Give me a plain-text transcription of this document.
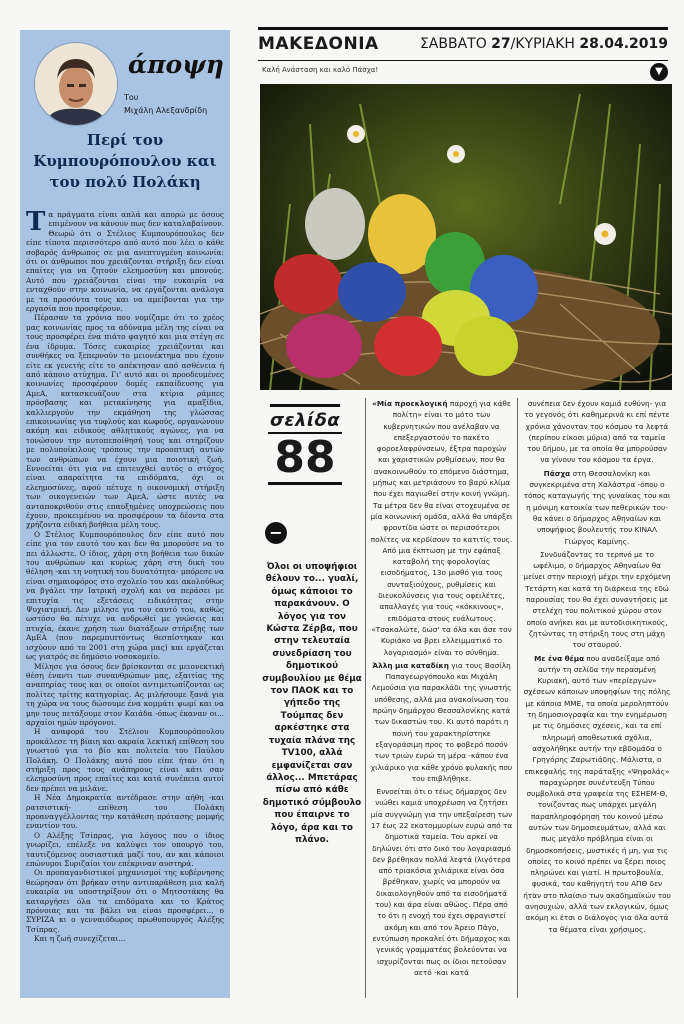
άποψη
Του
Μιχάλη Αλεξανδρίδη
Περί του Κυμπουρόπουλου και του πολύ Πολάκη

Τα πράγματα είναι απλά και απορώ με όσους επιμένουν να κάνουν πως δεν καταλαβαίνουν. Θεωρώ ότι ο Στέλιος Κυμπουρόπουλος δεν είπε τίποτα περισσότερο από αυτό που λέει ο κάθε σοβαρός άνθρωπος σε μια ανεπτυγμένη κοινωνία: ότι οι άνθρωποι που χρειάζονται στήριξη δεν είναι επαίτες για να ζητούν ελεημοσύνη και μπονούς. Αυτό που χρειάζονται είναι την ευκαιρία να ενταχθούν στην κοινωνία, να εργάζονται ανάλογα με τα προσόντα τους και να αμείβονται για την εργασία που προσφέρουν.

Πέρασαν τα χρόνια που νομίζαμε ότι το χρέος μας κοινωνίας προς τα αδύναμα μέλη της είναι να τους προσφέρει ένα πιάτο φαγητό και μια στέγη σε ένα ίδρυμα. Τόσες ευκαιρίες χρειάζονται και συνθήκες να ξεπερνούν το μειονέκτημα που έχουν είτε εκ γενετής είτε το απέκτησαν από ασθένεια ή από κάποιο ατύχημα. Γι' αυτό και οι προοδευμένες κοινωνίες προσφέρουν δομές εκπαίδευσης για ΑμεΑ, κατασκευάζουν στα κτίρια ράμπες πρόσβασης και μετακίνησης για αμαξίδια, καλλιεργούν την εκμάθηση της γλώσσας επικοινωνίας για τυφλούς και κωφούς, οργανώνουν ακόμη και ειδικούς αθλητικούς αγώνες, για να τονώσουν την αυτοπεποίθησή τους και στηρίζουν με πολυποίκιλους τρόπους την προοπτική αυτών των ανθρώπων να έχουν μια ποιοτική ζωή. Εννοείται ότι για να επιτευχθεί αυτός ο στόχος είναι απαραίτητα τα επιδόματα, όχι οι ελεημοσύνες, αφού πέτυχε η οικονομική στήριξη των οικογενειών των ΑμεΑ, ώστε αυτές να ανταποκριθούν στις επαυξημένες υποχρεώσεις που έχουν, προκειμένου να προσφέρουν τα δέοντα στα χρήζοντα ειδική βοήθεια μέλη τους.

Ο Στέλιος Κυμπουρόπουλος δεν είπε αυτό που είπε για τον εαυτό του και δεν θα μπορούσε να το πει άλλωστε. Ο ίδιος, χάρη στη βοήθεια των δικών του ανθρώπων και κυρίως χάρη στη δική του θέληση -και τη νοητική του δυνατότητα- μπόρεσε να είναι σημαιοφόρος στο σχολείο του και ακολούθως να βγάλει την Ιατρική σχολή και να περάσει με επιτυχία τις εξετάσεις ειδικότητας στην Ψυχιατρική. Δεν μίλησε για τον εαυτό του, καθώς ωστόσο θα πέτυχε να ανδρωθεί με γνώσεις και πτυχία, έκανε χρήση των διατάξεων στήριξης των ΑμΕΑ (που παρεμπιπτόντως θεσπίστηκαν και ισχύουν από το 2001 στη χώρα μας) και εργάζεται ως γιατρός σε δημόσιο νοσοκομείο.

Μίλησε για όσους δεν βρίσκονται σε μειονεκτική θέση έναντι των συνανθρώπων μας, εξαιτίας της αναπηρίας τους και οι οποίοι αντιμετωπίζονται ως πολίτες τρίτης κατηγορίας. Ας μιλήσουμε ξανά για τη χώρα να τους δώσουμε ένα κομμάτι ψωμί και να μην τους πετάξουμε στον Καιάδα -όπως έκαναν οι... αρχαίοι ημών πρόγονοι.

Η αναφορά του Στέλιου Κυμπουρόπουλου προκάλεσε τη βίαιη και ακραία λεκτική επίθεση του γνωστού για το βίο και πολιτεία του Παύλου Πολάκη. Ο Πολάκης αυτό που είπε ήταν ότι η στήριξη προς τους ανάπηρους είναι κάτι σαν ελεημοσύνη προς επαίτες και κατά συνέπεια αυτοί δεν πρέπει να μιλάνε.

Η Νέα Δημοκρατία αντέδρασε στην αήθη -και ρατσιστική- επίθεση του Πολάκη προαναγγέλλοντας την κατάθεση πρότασης μομφής εναντίον του.

Ο Αλέξης Τσίπρας, για λόγους που ο ίδιος γνωρίζει, επέλεξε να καλύψει τον υπουργό του, ταυτιζόμενος ουσιαστικά μαζί του, αν και κάποιοι επώνυμοι Συριζαίοι τον επέκριναν αυστηρά.

Οι προπαγανδιστικοί μηχανισμοί της κυβέρνησης θεώρησαν ότι βρήκαν στην αντιπαράθεση μια καλή ευκαιρία να υποστηρίξουν ότι ο Μητσοτάκης θα καταργήσει όλα τα επιδόματα και το Κράτος πρόνοιας και τα βάλει να είναι προσφέρει... ο ΣΥΡΙΖΑ κι ο γενναιόδωρος πρωθυπουργός Αλέξης Τσίπρας.

Και η ζωή συνεχίζεται...

ΜΑΚΕΔΟΝΙΑ	ΣΑΒΒΑΤΟ 27/ΚΥΡΙΑΚΗ 28.04.2019
Καλή Ανάσταση και καλό Πάσχα!	▼
σελίδα
88
−
Όλοι οι υποψήφιοι θέλουν το... γυαλί, όμως κάποιοι το παρακάνουν. Ο λόγος για τον Κώστα Ζέρβα, που στην τελευταία συνεδρίαση του δημοτικού συμβουλίου με θέμα τον ΠΑΟΚ και το γήπεδο της Τούμπας δεν αρκέστηκε στα τυχαία πλάνα της TV100, αλλά εμφανίζεται σαν άλλος... Μπετάρας πίσω από κάθε δημοτικό σύμβουλο που έπαιρνε το λόγο, άρα και το πλάνο.

«Μία προεκλογική παροχή για κάθε πολίτη» είναι το μότο των κυβερνητικών που ανέλαβαν να επεξεργαστούν το πακέτο φοροελαφρύνσεων, έξτρα παροχών και χαριστικών ρυθμίσεων, που θα ανακοινωθούν το επόμενο διάστημα, μήπως και μετριάσουν το βαρύ κλίμα που έχει παγιωθεί στην κοινή γνώμη. Τα μέτρα δεν θα είναι στοχευμένα σε μία κοινωνική ομάδα, αλλά θα υπάρξει φροντίδα ώστε οι περισσότεροι πολίτες να κερδίσουν το κατιτίς τους. Από μια έκπτωση με την εφάπαξ καταβολή της φορολογίας εισοδήματος, 13ο μισθό για τους συνταξιούχους, ρυθμίσεις και διευκολύνσεις για τους οφειλέτες, απαλλαγές για τους «κόκκινους», επιδόματα στους ευάλωτους. «Τσακαλώτε, δώσ' τα όλα και άσε τον Κυριάκο να βρει ελλειμματικό το λογαριασμό» είναι το σύνθημα.

Άλλη μια καταδίκη για τους Βασίλη Παπαγεωργόπουλο και Μιχάλη Λεμούσια για παρακλάδι της γνωστής υπόθεσης, αλλά μια ανακοίνωση του πρώην δημάρχου Θεσσαλονίκης κατά των δικαστών του. Κι αυτό παρότι η ποινή του χαρακτηρίστηκε εξαγοράσιμη προς το φοβερό ποσόν των τριών ευρώ τη μέρα -κάπου ένα χιλιάρικο για κάθε χρόνο φυλακής που του επιβλήθηκε.

Εννοείται ότι ο τέως δήμαρχος δεν νιώθει καμιά υποχρέωση να ζητήσει μία συγγνώμη για την υπεξαίρεση των 17 έως 22 εκατομμυρίων ευρώ από τα δημοτικά ταμεία. Του αρκεί να δηλώνει ότι στο δικό του λογαριασμό δεν βρέθηκαν πολλά λεφτά (λιγότερα από τριακόσια χιλιάρικα είναι όσα βρέθηκαν, χωρίς να μπορούν να δικαιολογηθούν από τα εισοδήματά του) και άρα είναι αθώος. Πέρα από το ότι η ενοχή του έχει σφραγιστεί ακόμη και από τον Άρειο Πάγο, εντύπωση προκαλεί ότι δήμαρχος και γενικός γραμματέας βολεύονται να ισχυρίζονται πως οι ίδιοι πετούσαν αετό -και κατά

συνέπεια δεν έχουν καμιά ευθύνη- για το γεγονός ότι καθημερινά κι επί πέντε χρόνια χάνονταν του κόσμου τα λεφτά (περίπου είκοσι μύρια) από τα ταμεία του δήμου, με τα οποία θα μπορούσαν να γίνουν του κόσμου τα έργα.

Πάσχα στη Θεσσαλονίκη και συγκεκριμένα στη Χαλάστρα -όπου ο τόπος καταγωγής της γυναίκας του και η μόνιμη κατοικία των πεθερικών του- θα κάνει ο δήμαρχος Αθηναίων και υποψήφιος βουλευτής του ΚΙΝΑΛ Γιώργος Καμίνης.

Συνδυάζοντας το τερπνό με το ωφέλιμο, ο δήμαρχος Αθηναίων θα μείνει στην περιοχή μέχρι την ερχόμενη Τετάρτη και κατά τη διάρκεια της εδώ παρουσίας του θα έχει συναντήσεις με στελέχη του πολιτικού χώρου στον οποίο ανήκει και με αυτοδιοικητικούς, ζητώντας τη στήριξη τους στη μάχη του σταυρού.

Με ένα θέμα που αναδείξαμε από αυτήν τη σελίδα την περασμένη Κυριακή, αυτό των «περίεργων» σχέσεων κάποιων υποψηφίων της πόλης με κάποια ΜΜΕ, τα οποία μεροληπτούν τη δημοσιογραφία και την ενημέρωση με τις δημόσιες σχέσεις, και τα επί πληρωμή αποθεωτικά σχόλια, ασχολήθηκε αυτήν την εβδομάδα ο Γρηγόρης Ζαρωτιάδης. Μάλιστα, ο επικεφαλής της παράταξης «Ψηφολάς» παραχώρησε συνέντευξη Τύπου συμβολικά στα γραφεία της ΕΣΗΕΜ-Θ, τονίζοντας πως υπάρχει μεγάλη παραπληροφόρηση του κοινού μέσω αυτών των δημοσιευμάτων, αλλά και πως μεγάλο πρόβλημα είναι οι δημοσκοπήσεις, μυστικές ή μη, για τις οποίες το κοινό πρέπει να ξέρει ποιος πληρώνει και γιατί. Η πρωτοβουλία, φυσικά, του καθηγητή του ΑΠΘ δεν ήταν στο πλαίσιο των ακαδημαϊκών του ανησυχιών, αλλά των εκλογικών, όμως ακόμη κι έτσι ο διάλογος για όλα αυτά τα θέματα είναι χρήσιμος.
